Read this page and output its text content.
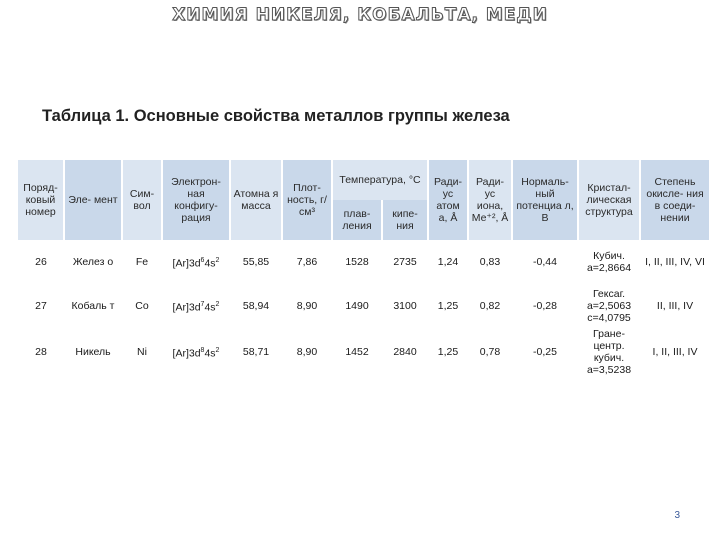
ХИМИЯ НИКЕЛЯ, КОБАЛЬТА, МЕДИ
Таблица 1. Основные свойства металлов группы железа
Поряд- ковый номер	Эле- мент	Сим- вол	Электрон- ная конфигу- рация	Атомна я масса	Плот- ность, г/см³	Температура, °С		Ради- ус атом а, Å	Ради- ус иона, Ме⁺², Å	Нормаль- ный потенциа л, В	Кристал- лическая структура	Степень окисле- ния в соеди- нении

						плав- ления	кипе- ния					

26	Желез о	Fe	$[Ar]3d^64s^2$	55,85	7,86	1528	2735	1,24	0,83	-0,44	Кубич. а=2,8664	I, II, III, IV, VI
27	Кобаль т	Co	$[Ar]3d^74s^2$	58,94	8,90	1490	3100	1,25	0,82	-0,28	Гексаг. а=2,5063 с=4,0795	II, III, IV
28	Никель	Ni	$[Ar]3d^84s^2$	58,71	8,90	1452	2840	1,25	0,78	-0,25	Гране- центр. кубич. а=3,5238	I, II, III, IV
3
